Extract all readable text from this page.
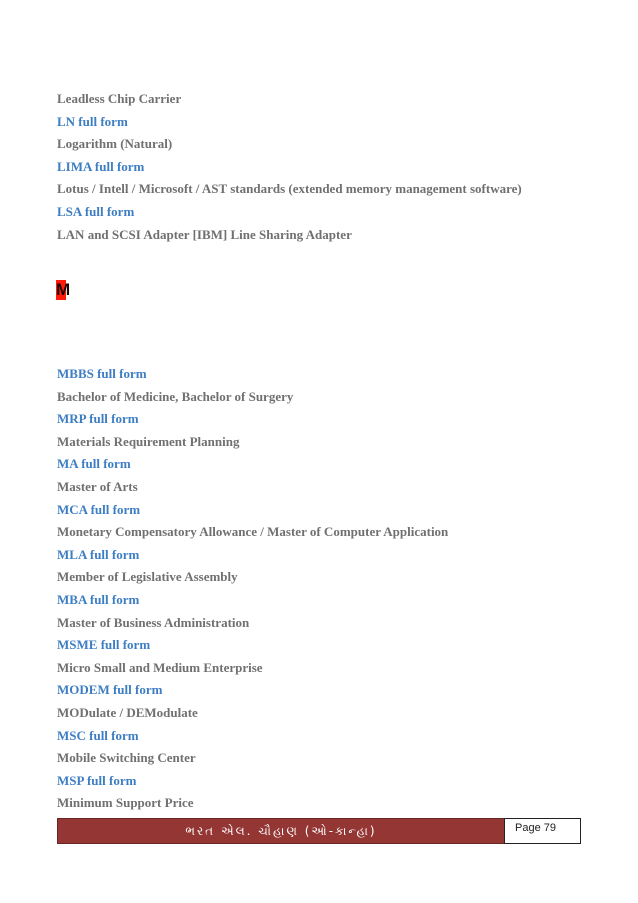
Leadless Chip Carrier
LN full form
Logarithm (Natural)
LIMA full form
Lotus / Intell / Microsoft / AST standards (extended memory management software)
LSA full form
LAN and SCSI Adapter [IBM] Line Sharing Adapter
M
MBBS full form
Bachelor of Medicine, Bachelor of Surgery
MRP full form
Materials Requirement Planning
MA full form
Master of Arts
MCA full form
Monetary Compensatory Allowance / Master of Computer Application
MLA full form
Member of Legislative Assembly
MBA full form
Master of Business Administration
MSME full form
Micro Small and Medium Enterprise
MODEM full form
MODulate / DEModulate
MSC full form
Mobile Switching Center
MSP full form
Minimum Support Price
ભરત એલ. ચૌહાણ (ઓ-કાન્હા)	Page 79
